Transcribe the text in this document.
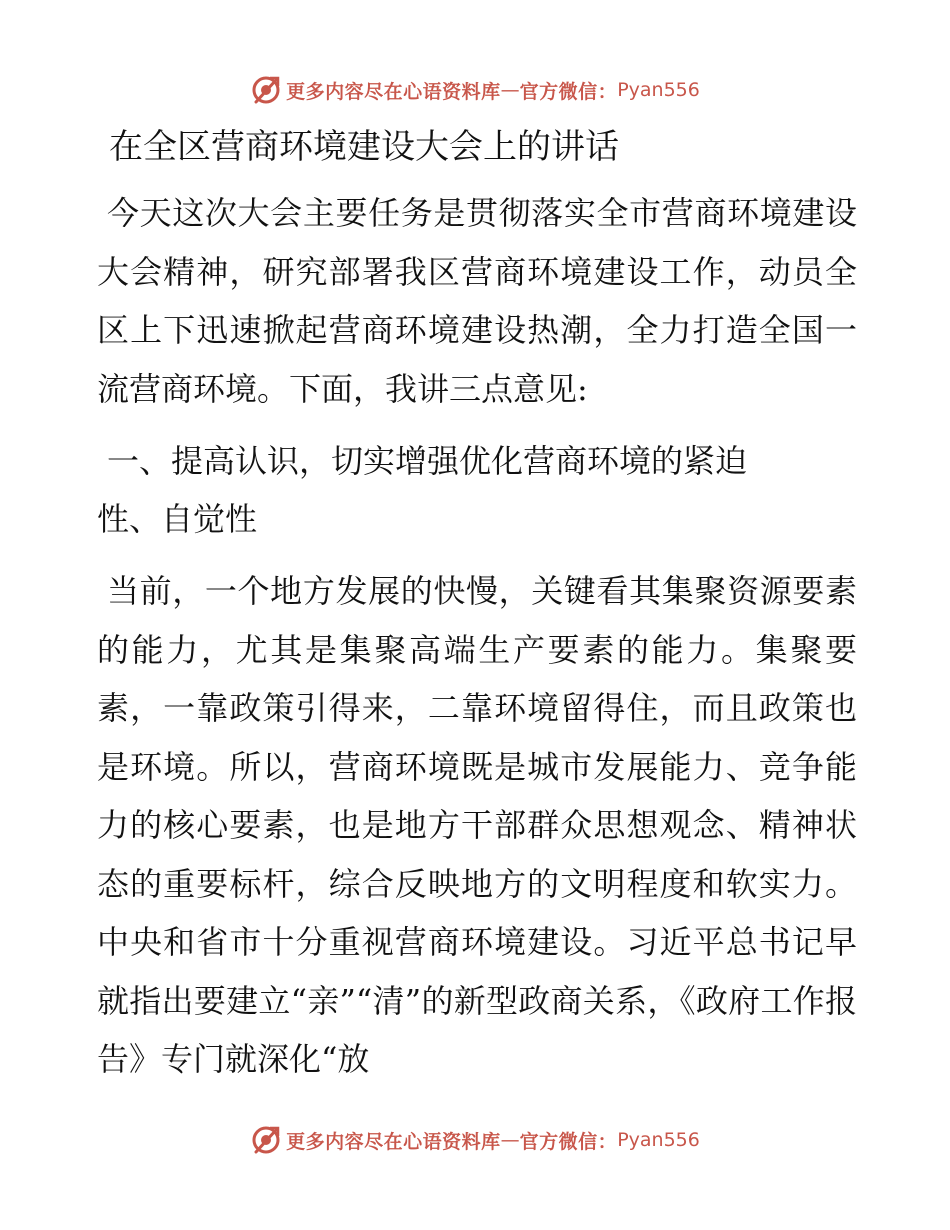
更多内容尽在心语资料库 — 官方微信： Pyan556
在全区营商环境建设大会上的讲话

今天这次大会主要任务是贯彻落实全市营商环境建设大会精神，研究部署我区营商环境建设工作，动员全区上下迅速掀起营商环境建设热潮，全力打造全国一流营商环境。下面，我讲三点意见:

一、提高认识，切实增强优化营商环境的紧迫性、自觉性

当前，一个地方发展的快慢，关键看其集聚资源要素的能力，尤其是集聚高端生产要素的能力。集聚要素，一靠政策引得来，二靠环境留得住，而且政策也是环境。所以，营商环境既是城市发展能力、竞争能力的核心要素，也是地方干部群众思想观念、精神状态的重要标杆，综合反映地方的文明程度和软实力。中央和省市十分重视营商环境建设。习近平总书记早就指出要建立“亲”“清”的新型政商关系，《政府工作报告》专门就深化“放

更多内容尽在心语资料库 — 官方微信： Pyan556
